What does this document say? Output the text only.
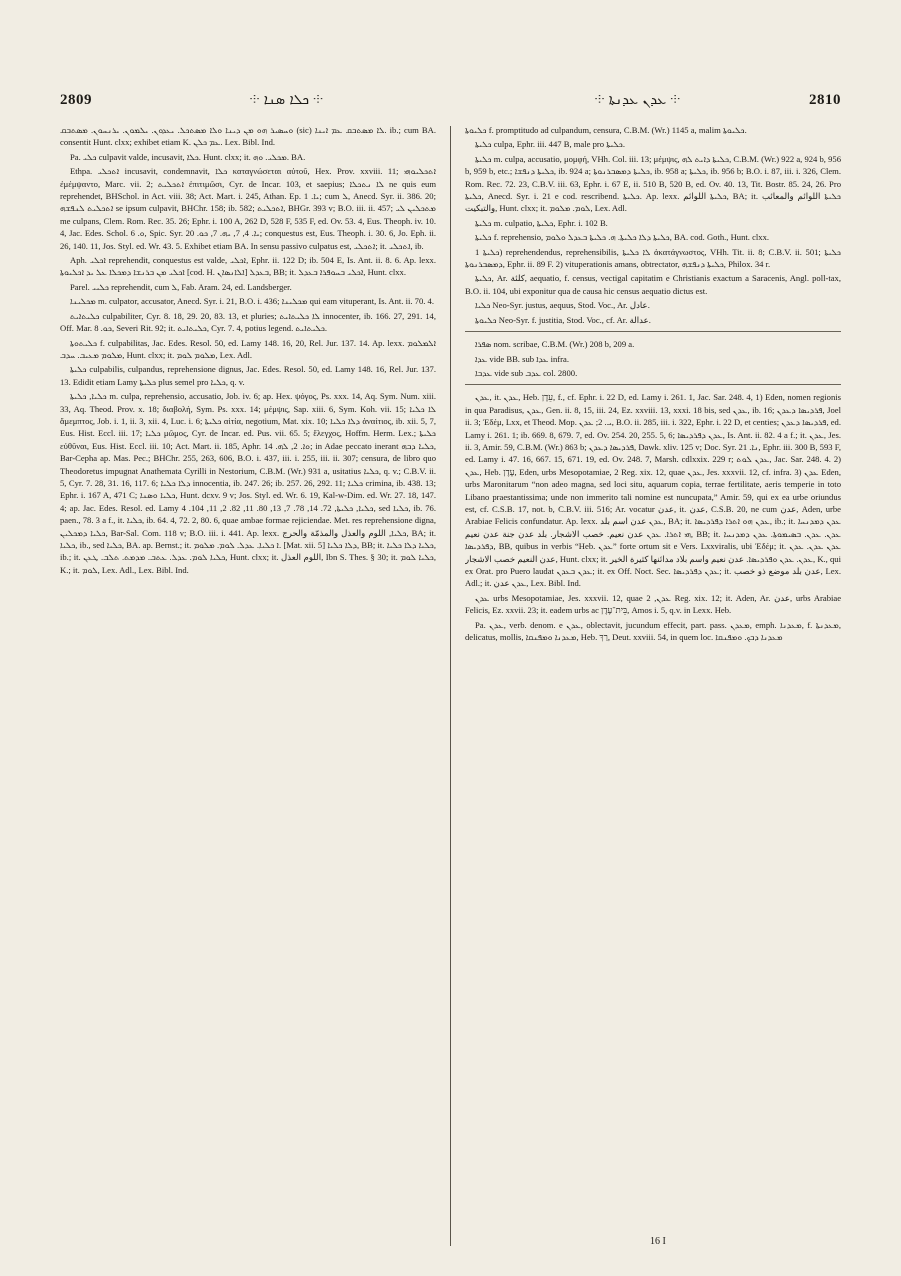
2809	⸭ ܟܠܐ ܣܢܐ ⸭	⸭ ܥܕܢ ܥܕܢܬܐ ⸭	2810

ܘܚܣܝܪ ܗܘ ܡܢ ܕܝܢܐ ܘܠܐ ܡܣܬܟܠ. ܝܥܕܘܢ. ܝܠܡܘܢ. ܝܪܢܚܘܢ. ܡܣܬܒܩ (sic) ܠܐ ܡܣܬܒܩ ܥܡ ܐܝܢܐ. ib.; cum BA. consentit Hunt. clxx; exhibet etiam K. ܥܡ ܟܠܢ. Lex. Bibl. Ind.

Pa. ܟܠܝ culpavit valde, incusavit, ܟܠܐ. Hunt. clxx; it. ܡܟܠܝ. ܘܗ. BA.

Ethpa. ܐܬܟܠܝ incusavit, condemnavit, ܟܠܐ καταγνώσεται αὐτοῦ, Hex. Prov. xxviii. 11; ܐܬܟܠܝܘܗܝ ἐμέμψαντο, Marc. vii. 2; ܐܬܟܠܝܬ ἐπιτιμῶσι, Cyr. de Incar. 103, et saepius; ܠܐ ܢܬܟܠܐ ne quis eum reprehendet, BHSchol. in Act. viii. 38; Act. Mart. i. 245, Athan. Ep. ܝܐ. 1; cum ܠ, Anecd. Syr. ii. 386. 20; ܐܬܟܠܝܬ ܠܢܦܫܗ se ipsum culpavit, BHChr. 158; ib. 582; ܐܬܟܠܝܬ, BHGr. 393 v; B.O. iii. ii. 457; ܡܬܟܠܝܢ ܠܝ me culpans, Clem. Rom. Rec. 35. 26; Ephr. i. 100 A, 262 D, 528 F, 535 F, ed. Ov. 53. 4, Eus. Theoph. iv. 10. 4, Jac. Edes. Schol. ܘ. 6, Spic. Syr. ܝܐ. 4, 7, ܝܗ. 7, ܟܘ. 20; conquestus est, Eus. Theoph. i. 30. 6, Jo. Eph. ii. 26, 140. 11, Jos. Styl. ed. Wr. 43. 5. Exhibet etiam BA. In sensu passivo culpatus est, ܐܬܟܠܝ; it. ܐܬܟܠܝ, ib.

Aph. ܐܟܠܝ reprehendit, conquestus est valde, ܐܟܠܝ, Ephr. ii. 122 D; ib. 504 E, Is. Ant. ii. 8. 6. Ap. lexx. ܐܟܠܝ ܡܢ ܒܪܢܫܐ ܕܡܟܠܐ ܥܠ ܝܕ ܐܟܠܝܘܬܐ [cod. H. ܐܠܐܢܣܐܢ] ܒܥܕܠ, BB; it. ܐܟܠܝ ܒܚܘܦܪܐ ܒܥܕܠ, Hunt. clxx.

Parel. ܟܠܝܝ reprehendit, cum ܠ, Fab. Aram. 24, ed. Landsberger.

ܡܟܠܝܢܐ m. culpator, accusator, Anecd. Syr. i. 21, B.O. i. 436; ܡܟܠܝܢܐ qui eam vituperant, Is. Ant. ii. 70. 4.

ܟܠܝܬܐܝܬ culpabiliter, Cyr. 8. 18, 29. 20, 83. 13, et pluries; ܠܐ ܟܠܝܬܐܝܬ innocenter, ib. 166. 27, 291. 14, Off. Mar. ܟܘ. 8, Severi Rit. 92; it. ܟܠܝܬܐܝܬ, Cyr. 7. 4, potius legend. ܟܠܝܬܐܝܬ.

ܟܠܝܬܘܬܐ f. culpabilitas, Jac. Edes. Resol. 50, ed. Lamy 148. 16, 20, Rel. Jur. 137. 14. Ap. lexx. ܐܠܡܠܘܡ ܡܠܘܡ ܡܥܝܒ. ܚܕܒ, Hunt. clxx; it. ܡܠܘܡ ܠܘܡ, Lex. Adl.

ܟܠܝܬܐ culpabilis, culpandus, reprehensione dignus, Jac. Edes. Resol. 50, ed. Lamy 148. 16, Rel. Jur. 137. 13. Edidit etiam Lamy ܟܠܝܬܐ plus semel pro ܟܠܝܐ, q. v.

ܟܠܝܐ, ܟܠܝܬܐ m. culpa, reprehensio, accusatio, Job. iv. 6; ap. Hex. ψόγος, Ps. xxx. 14, Aq. Sym. Num. xiii. 33, Aq. Theod. Prov. x. 18; διαβολή, Sym. Ps. xxx. 14; μέμψις, Sap. xiii. 6, Sym. Koh. vii. 15; ܠܐ ܟܠܝܐ ἄμεμπτος, Job. i. 1, ii. 3, xii. 4, Luc. i. 6; ܟܠܝܬܐ αἰτία, negotium, Mat. xix. 10; ܕܠܐ ܟܠܝܐ ἀναίτιος, ib. xii. 5, 7, Eus. Hist. Eccl. iii. 17; ܟܠܝܐ μῶμος, Cyr. de Incar. ed. Pus. vii. 65. 5; ἔλεγχος, Hoffm. Herm. Lex.; ܟܠܝܬܐ εὐθῦναι, Eus. Hist. Eccl. iii. 10; Act. Mart. ii. 185, Aphr. ܘܐ. 2, ܠܗ. 14; in Adae peccato inerant ܟܠܝܐ ܕܒܗ, Bar-Cepha ap. Mas. Pec.; BHChr. 255, 263, 606, B.O. i. 437, iii. i. 255, iii. ii. 307; censura, de libro quo Theodoretus impugnat Anathemata Cyrilli in Nestorium, C.B.M. (Wr.) 931 a, usitatius ܟܠܝܐ, q. v.; C.B.V. ii. 5, Cyr. 7. 28, 31. 16, 117. 6; ܕܠܐ ܟܠܝܐ innocentia, ib. 247. 26; ib. 257. 26, 292. 11; ܟܠܝܐ crimina, ib. 438. 13; Ephr. i. 167 A, 471 C; ܟܠܝܐ ܘܣܢܐ, Hunt. dcxv. 9 v; Jos. Styl. ed. Wr. 6. 19, Kal-w-Dim. ed. Wr. 27. 18, 147. 4; ap. Jac. Edes. Resol. ed. Lamy ܟܠܝܐ, ܟܠܝܬܐ, 72. 14, 78. 7, 13, 80. 11, 82. 2, 11, 104. 4, sed ܟܠܝܐ, ib. 76. paen., 78. 3 a f., it. ܟܠܝܐ, ib. 64. 4, 72. 2, 80. 6, quae ambae formae rejiciendae. Met. res reprehensione digna, ܟܠܝܐ ܕܡܟܠܝܢ, Bar-Sal. Com. 118 v; B.O. iii. i. 441. Ap. lexx. ܟܠܝܐ, اللوم والعذل والمذمّة والحرج, BA; it. ܟܠܝܐ, ib., sed ܟܠܝܐ, BA. ap. Bernst.; it. ܐ ܟܠܝܐ. ܥܕܠ. ܠܘܡ. ܡܠܘܡ. [Mat. xii. 5] ܕܠܐ ܟܠܝܐ, BB; it. ܟܠܝܐ ܕܠܐ ܟܠܝܐ, ib.; it. ܟܠܝܐ ܠܘܡ. ܥܕܠ. ܥܬܒ. ܡܕܡܬ. ܬܠܒ. ܛܥܢ, Hunt. clxx; it. اللوم العذل, Ibn S. Thes. § 30; it. ܟܠܝܐ ܠܘܡ, K.; it. ܠܘܡ, Lex. Adl., Lex. Bibl. Ind.

ܟܠܝܘܬܐ f. promptitudo ad culpandum, censura, C.B.M. (Wr.) 1145 a, malim ܟܠܝܘܬܐ.

ܟܠܝܬܐ culpa, Ephr. iii. 447 B, male pro ܟܠܝܬܐ.

ܟܠܝܬܐ m. culpa, accusatio, μομφή, VHh. Col. iii. 13; μέμψις, ܟܠܝܬܐ ܕܐܝܬ ܠܗ, C.B.M. (Wr.) 922 a, 924 b, 956 b, 959 b, etc.; ܟܠܝܬܐ ܕܢܦܫܐ, ib. 924 a; ܟܠܝܬܐ ܕܡܣܒܪܢܘܬܐ, ib. 958 a; ܟܠܝܬܐ, ib. 956 b; B.O. i. 87, iii. i. 326, Clem. Rom. Rec. 72. 23, C.B.V. iii. 63, Ephr. i. 67 E, ii. 510 B, 520 B, ed. Ov. 40. 13, Tit. Bostr. 85. 24, 26. Pro ܟܠܝܬܐ, Anecd. Syr. i. 21 e cod. rescribend. ܟܠܝܬܐ. Ap. lexx. ܟܠܝܬܐ اللوائم, BA; it. ܟܠܝܬܐ اللوائم والمعائب والتبكيت, Hunt. clxx; it. ܠܘܡ. ܡܠܘܡ, Lex. Adl.

ܟܠܝܬܐ m. culpatio, ܟܠܝܬܐ, Ephr. i. 102 B.

ܟܠܝܬܐ f. reprehensio, ܟܠܝܬܐ ܕܠܐ ܟܠܝܬܐ. ܗ. ܟܠܝܬܐ ܒܥܕܠ ܘܠܘܡ, BA. cod. Goth., Hunt. clxx.

ܟܠܝܬܐ 1) reprehendendus, reprehensibilis, ܠܐ ܟܠܝܬܐ ἀκατάγνωστος, VHh. Tit. ii. 8; C.B.V. ii. 501; ܟܠܝܬܐ ܕܡܣܒܪܢܘܬܐ, Ephr. ii. 89 F. 2) vituperationis amans, obtrectator, ܟܠܝܬܐ ܕܢܦܫܗ, Philox. 34 r.

ܟܠܝܬܐ, Ar. كلئة, aequatio, f. census, vectigal capitatim e Christianis exactum a Saracenis, Angl. poll-tax, B.O. ii. 104, ubi exponitur qua de causa hic census aequatio dictus est.

ܟܠܝܐ Neo-Syr. justus, aequus, Stod. Voc., Ar. عادل.

ܟܠܝܘܬܐ Neo-Syr. f. justitia, Stod. Voc., cf. Ar. عدالة.

ܣܦܪܐ nom. scribae, C.B.M. (Wr.) 208 b, 209 a.

ܥܕܐ vide BB. sub ܥܕܐ infra.

ܥܕܒܐ vide sub ܥܕܒ col. 2800.

ܥܕܢ, it. ܥܕܢ, Heb. עֵדֶן, f., cf. Ephr. i. 22 D, ed. Lamy i. 261. 1, Jac. Sar. 248. 4, 1) Eden, nomen regionis in qua Paradisus, ܥܕܢ, Gen. ii. 8, 15, iii. 24, Ez. xxviii. 13, xxxi. 18 bis, sed ܥܕܢ, ib. 16; ܦܪܕܝܣܐ ܕܥܕܢ, Joel ii. 3; Ἐδέμ, Lxx, et Theod. Mop. ܝ. 2; ܥܕܢ, B.O. ii. 285, iii. i. 322, Ephr. i. 22 D, et centies; ܦܪܕܝܣܐ ܕܥܕܢ, ed. Lamy i. 261. 1; ib. 669. 8, 679. 7, ed. Ov. 254. 20, 255. 5, 6; ܥܕܢ ܕܦܪܕܝܣܐ, Is. Ant. ii. 82. 4 a f.; it. ܥܕܢ, Jes. ii. 3, Amir. 59, C.B.M. (Wr.) 863 b; ܦܪܕܝܣܐ ܕܥܕܢ, Dawk. xliv. 125 v; Doc. Syr. ܢܐ. 21, Ephr. iii. 300 B, 593 F, ed. Lamy i. 47. 16, 667. 15, 671. 19, ed. Ov. 248. 7, Marsh. cdlxxix. 229 r; ܥܕܢ ܠܘܬ, Jac. Sar. 248. 4. 2) ܥܕܢ, Heb. עֶדֶן, Eden, urbs Mesopotamiae, 2 Reg. xix. 12, quae ܥܕܢ, Jes. xxxvii. 12, cf. infra. 3) ܥܕܢ Eden, urbs Maronitarum “non adeo magna, sed loci situ, aquarum copia, terrae fertilitate, aeris temperie in toto Libano praestantissima; unde non immerito tali nomine est nuncupata,” Amir. 59, qui ex ea urbe oriundus est, cf. C.S.B. 17, not. b, C.B.V. iii. 516; Ar. vocatur عدن, it. عدن, C.S.B. 20, ne cum عدن, Aden, urbe Arabiae Felicis confundatur. Ap. lexx. ܥܕܢ عدن اسم بلد, BA; it. ܥܕܢ ܗܘ ܐܬܪܐ ܕܦܪܕܝܣܐ, ib.; it. ܥܕܢ ܕܡܕܢܚܐ ܗܝ ܐܬܪܐ. ܥܕܢ عدن نعيم. خصب الاشجار. بلد عدن جنة عدن نعيم, BB; it. ܥܕܢ. ܥܕܢ. ܒܣܝܡܘܬܐ. ܥܕܢ ܕܡܕܢܚܐ ܕܦܪܕܝܣܐ, BB, quibus in verbis “Heb. ܥܕܢ” forte ortum sit e Vers. Lxxviralis, ubi Ἐδέμ; it. ܥܕܢ ܥܕܢ. ܥܕܢ عدن النعيم خصب الاشجار, Hunt. clxx; it. ܥܕܢ. ܥܕܢ ܘܦܪܕܝܣܐ. عدن نعيم واسم بلاد مدائنها كثيرة الخير, K., qui ex Orat. pro Puero laudat ܥܕܢ ܒܥܕܢ; it. ex Off. Noct. Sec. ܥܕܢ ܕܦܪܕܝܣܐ; it. عدن بلد موضع ذو خصب, Lex. Adl.; it. ܥܕܢ عدن, Lex. Bibl. Ind.

ܥܕܢ urbs Mesopotamiae, Jes. xxxvii. 12, quae ܥܕܢ, 2 Reg. xix. 12; it. Aden, Ar. عدن, urbs Arabiae Felicis, Ez. xxvii. 23; it. eadem urbs ac בֵּית־עֶדֶן, Amos i. 5, q.v. in Lexx. Heb.

Pa. ܥܕܢ, verb. denom. e ܥܕܢ, oblectavit, jucundum effecit, part. pass. ܡܥܕܢ, emph. ܡܥܕܢܐ, f. ܡܥܕܢܬܐ, delicatus, mollis, ܡܥܕܢܐ ܘܡܦܢܩܐ, Heb. רַךְ, Deut. xxviii. 54, in quem loc. ܡܥܕܢܐ ܕܒܟ. ܘܡܦܢܩܐ

16 I
